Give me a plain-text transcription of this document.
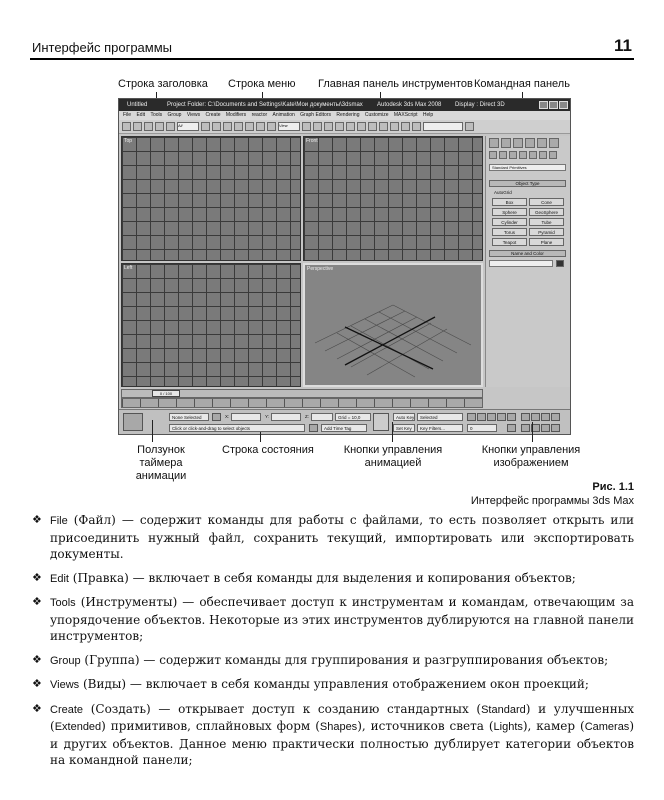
Интерфейс программы	11
Строка заголовка Строка меню Главная панель инструментов Командная панель
Untitled	Project Folder: C:\Documents and Settings\Kate\Мои документы\3dsmax Autodesk 3ds Max 2008 Display : Direct 3D
File Edit Tools Group Views Create Modifiers reactor Animation Graph Editors Rendering Customize MAXScript Help
All	View
Top	Front
Left	Perspective
Standard Primitives
Object Type
AutoGrid
Box	Cone
Sphere	GeoSphere
Cylinder	Tube
Torus	Pyramid
Teapot	Plane
Name and Color
0 / 100
None Selected	X:	Y:	Z:	Grid = 10,0
Click or click-and-drag to select objects	Add Time Tag
Auto Key	Selected
Set Key	Key Filters...	0
Ползунок таймера анимации
Строка состояния	Кнопки управления анимацией
Кнопки управления изображением
Рис. 1.1
Интерфейс программы 3ds Max
❖ File (Файл) — содержит команды для работы с файлами, то есть позволяет открыть или присоединить нужный файл, сохранить текущий, импортировать или экспортировать документы.
❖ Edit (Правка) — включает в себя команды для выделения и копирования объектов;
❖ Tools (Инструменты) — обеспечивает доступ к инструментам и командам, отвечающим за упорядочение объектов. Некоторые из этих инструментов дублируются на главной панели инструментов;
❖ Group (Группа) — содержит команды для группирования и разгруппирования объектов;
❖ Views (Виды) — включает в себя команды управления отображением окон проекций;
❖ Create (Создать) — открывает доступ к созданию стандартных (Standard) и улучшенных (Extended) примитивов, сплайновых форм (Shapes), источников света (Lights), камер (Cameras) и других объектов. Данное меню практически полностью дублирует категории объектов на командной панели;
